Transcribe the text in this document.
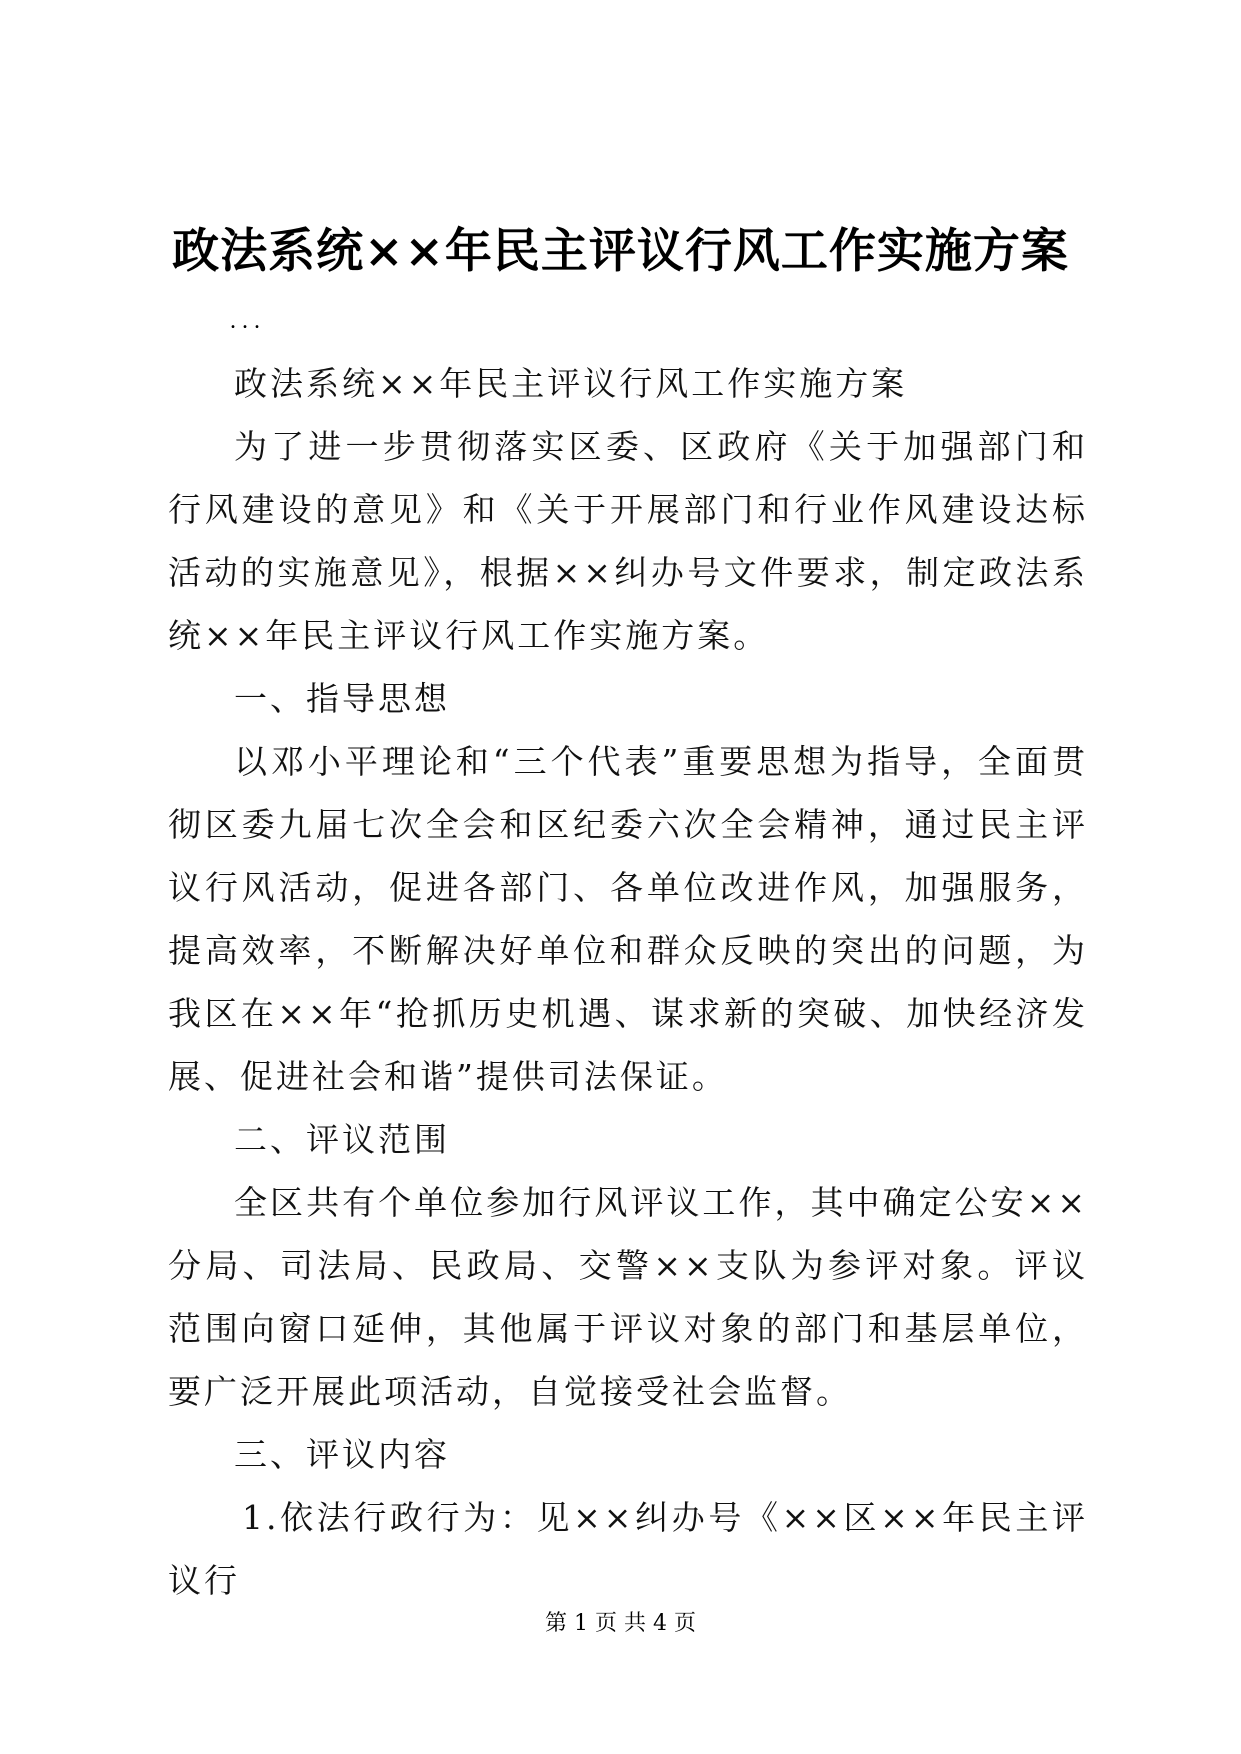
政法系统××年民主评议行风工作实施方案
...

政法系统××年民主评议行风工作实施方案

为了进一步贯彻落实区委、区政府《关于加强部门和行风建设的意见》和《关于开展部门和行业作风建设达标活动的实施意见》，根据××纠办号文件要求，制定政法系统××年民主评议行风工作实施方案。

一、指导思想

以邓小平理论和“三个代表”重要思想为指导，全面贯彻区委九届七次全会和区纪委六次全会精神，通过民主评议行风活动，促进各部门、各单位改进作风，加强服务，提高效率，不断解决好单位和群众反映的突出的问题，为我区在××年“抢抓历史机遇、谋求新的突破、加快经济发展、促进社会和谐”提供司法保证。

二、评议范围

全区共有个单位参加行风评议工作，其中确定公安××分局、司法局、民政局、交警××支队为参评对象。评议范围向窗口延伸，其他属于评议对象的部门和基层单位，要广泛开展此项活动，自觉接受社会监督。

三、评议内容

1.依法行政行为：见××纠办号《××区××年民主评议行

第 1 页 共 4 页
